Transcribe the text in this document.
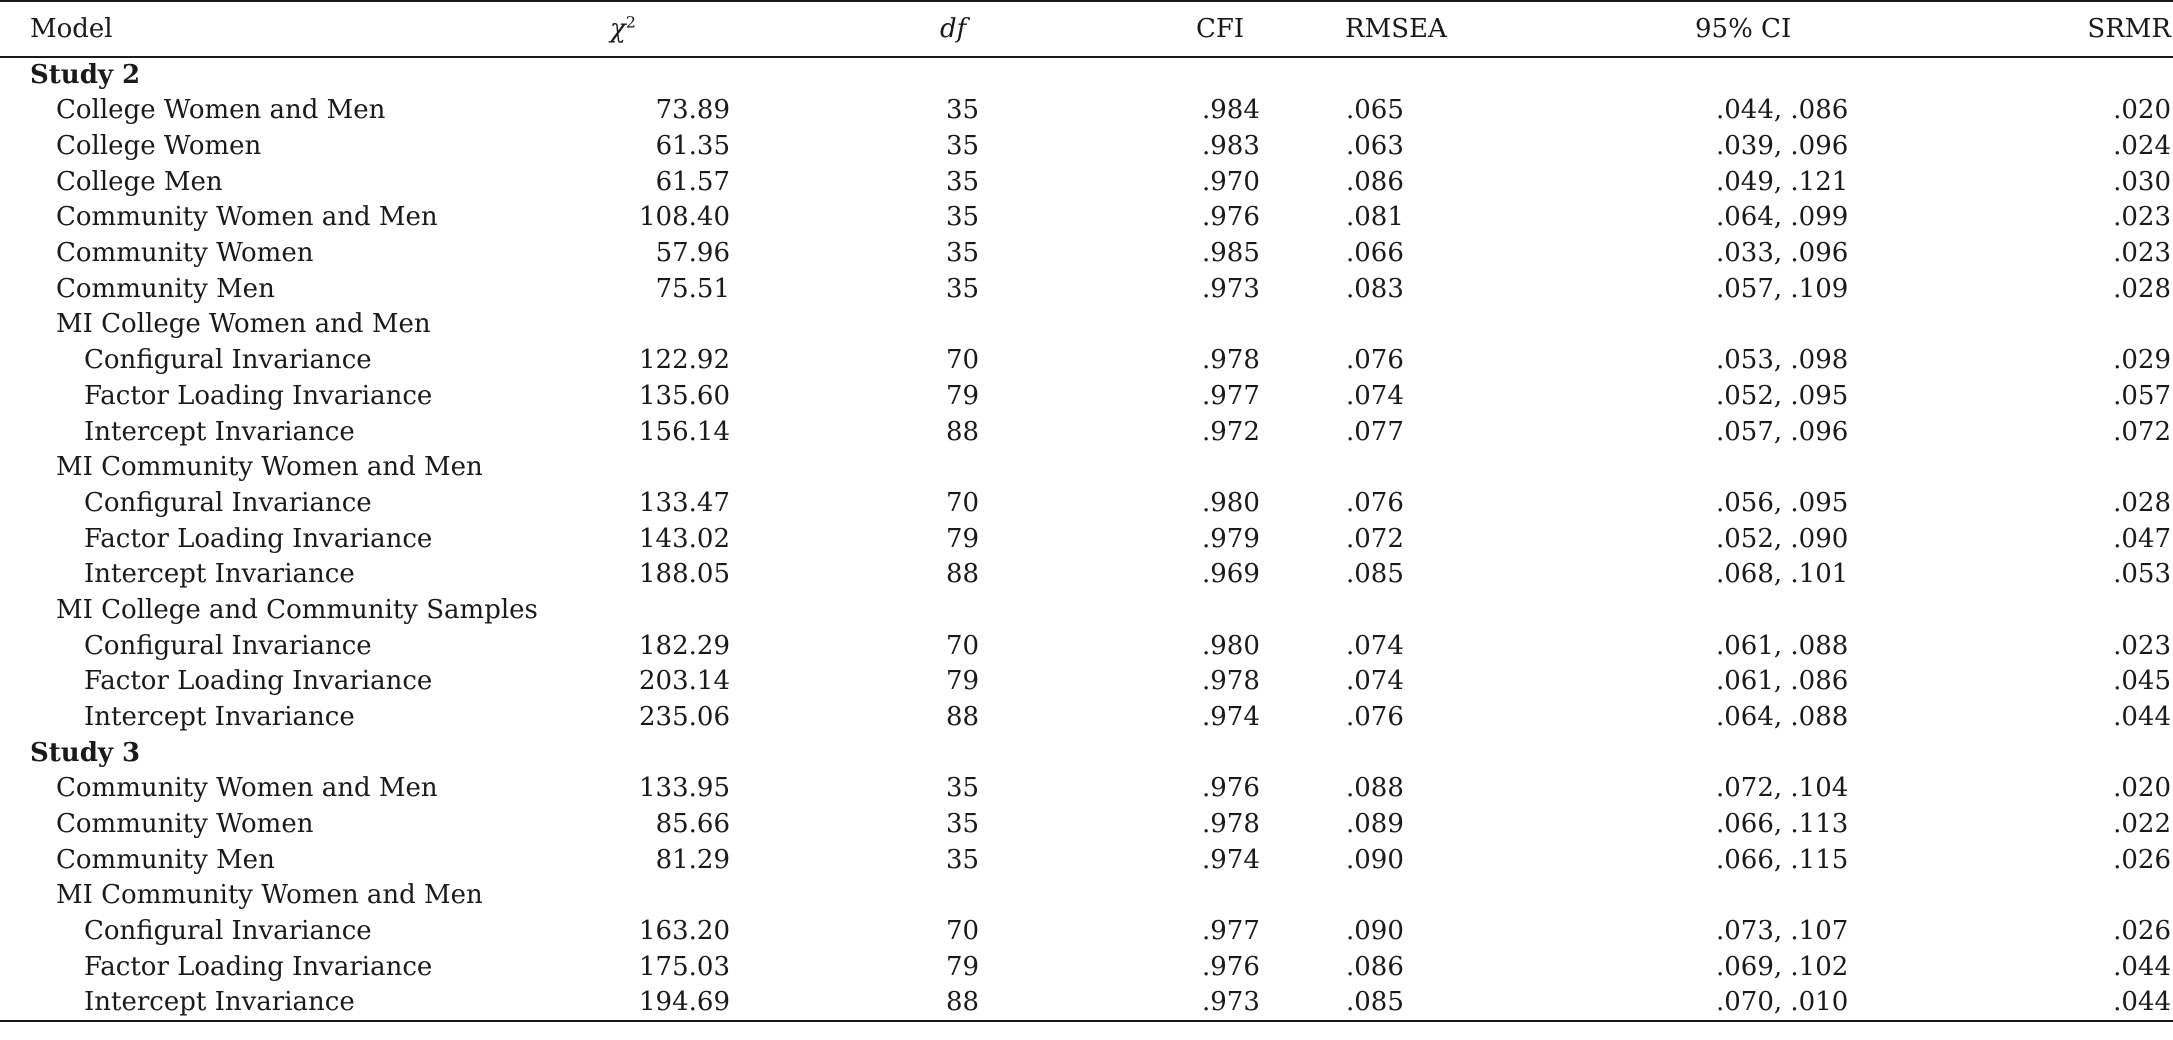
Model	$\chi^2$	df	CFI	RMSEA	95% CI	SRMR
Study 2						
College Women and Men	73.89	35	.984	.065	.044, .086	.020
College Women	61.35	35	.983	.063	.039, .096	.024
College Men	61.57	35	.970	.086	.049, .121	.030
Community Women and Men	108.40	35	.976	.081	.064, .099	.023
Community Women	57.96	35	.985	.066	.033, .096	.023
Community Men	75.51	35	.973	.083	.057, .109	.028
MI College Women and Men						
Configural Invariance	122.92	70	.978	.076	.053, .098	.029
Factor Loading Invariance	135.60	79	.977	.074	.052, .095	.057
Intercept Invariance	156.14	88	.972	.077	.057, .096	.072
MI Community Women and Men						
Configural Invariance	133.47	70	.980	.076	.056, .095	.028
Factor Loading Invariance	143.02	79	.979	.072	.052, .090	.047
Intercept Invariance	188.05	88	.969	.085	.068, .101	.053
MI College and Community Samples						
Configural Invariance	182.29	70	.980	.074	.061, .088	.023
Factor Loading Invariance	203.14	79	.978	.074	.061, .086	.045
Intercept Invariance	235.06	88	.974	.076	.064, .088	.044
Study 3						
Community Women and Men	133.95	35	.976	.088	.072, .104	.020
Community Women	85.66	35	.978	.089	.066, .113	.022
Community Men	81.29	35	.974	.090	.066, .115	.026
MI Community Women and Men						
Configural Invariance	163.20	70	.977	.090	.073, .107	.026
Factor Loading Invariance	175.03	79	.976	.086	.069, .102	.044
Intercept Invariance	194.69	88	.973	.085	.070, .010	.044
